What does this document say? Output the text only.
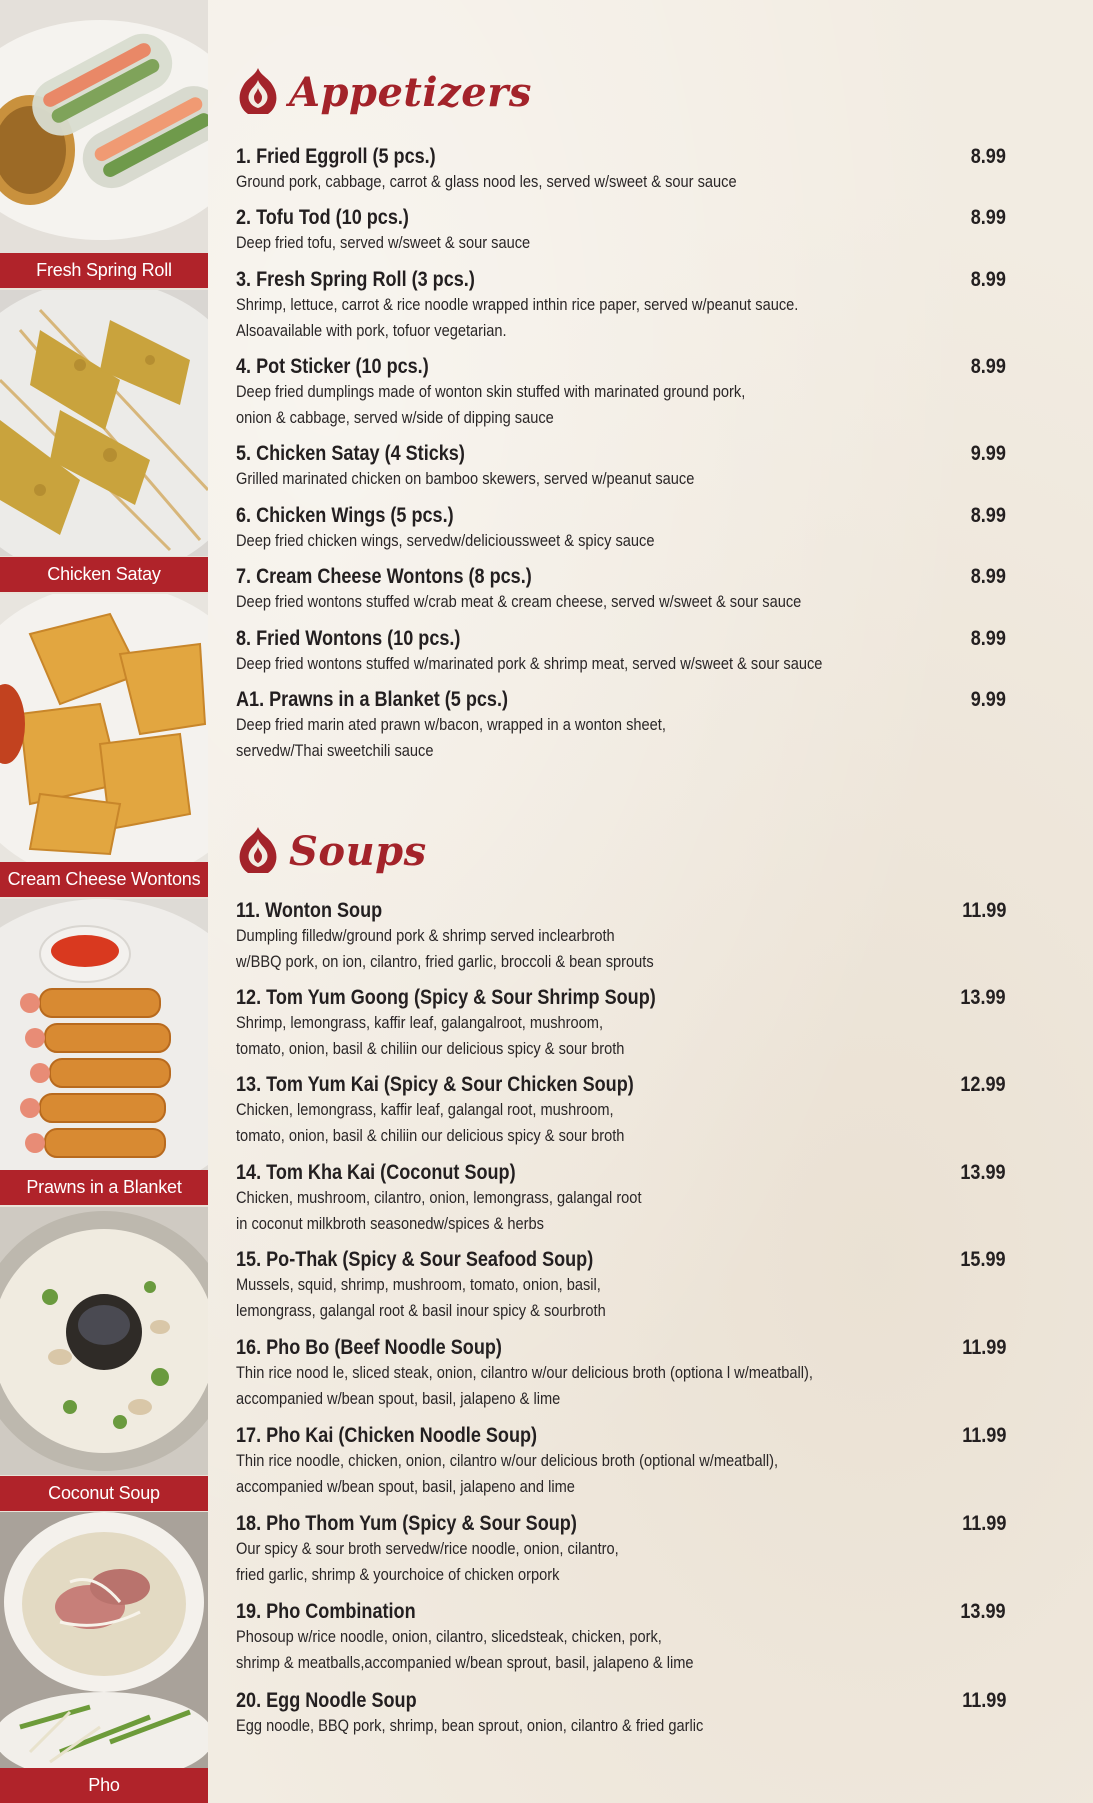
Fresh Spring Roll
Chicken Satay
Cream Cheese Wontons
Prawns in a Blanket
Coconut Soup
Pho
Appetizers
1. Fried Eggroll (5 pcs.)
Ground pork, cabbage, carrot & glass nood les, served w/sweet & sour sauce
8.99
2. Tofu Tod (10 pcs.)
Deep fried tofu, served w/sweet & sour sauce
8.99
3. Fresh Spring Roll (3 pcs.)
Shrimp, lettuce, carrot & rice noodle wrapped inthin rice paper, served w/peanut sauce.
Alsoavailable with pork, tofuor vegetarian.
8.99
4. Pot Sticker (10 pcs.)
Deep fried dumplings made of wonton skin stuffed with marinated ground pork,
onion & cabbage, served w/side of dipping sauce
8.99
5. Chicken Satay (4 Sticks)
Grilled marinated chicken on bamboo skewers, served w/peanut sauce
9.99
6. Chicken Wings (5 pcs.)
Deep fried chicken wings, servedw/delicioussweet & spicy sauce
8.99
7. Cream Cheese Wontons (8 pcs.)
Deep fried wontons stuffed w/crab meat & cream cheese, served w/sweet & sour sauce
8.99
8. Fried Wontons (10 pcs.)
Deep fried wontons stuffed w/marinated pork & shrimp meat, served w/sweet & sour sauce
8.99
A1. Prawns in a Blanket (5 pcs.)
Deep fried marin ated prawn w/bacon, wrapped in a wonton sheet,
servedw/Thai sweetchili sauce
9.99
Soups
11. Wonton Soup
Dumpling filledw/ground pork & shrimp served inclearbroth
w/BBQ pork, on ion, cilantro, fried garlic, broccoli & bean sprouts
11.99
12. Tom Yum Goong (Spicy & Sour Shrimp Soup)
Shrimp, lemongrass, kaffir leaf, galangalroot, mushroom,
tomato, onion, basil & chiliin our delicious spicy & sour broth
13.99
13. Tom Yum Kai (Spicy & Sour Chicken Soup)
Chicken, lemongrass, kaffir leaf, galangal root, mushroom,
tomato, onion, basil & chiliin our delicious spicy & sour broth
12.99
14. Tom Kha Kai (Coconut Soup)
Chicken, mushroom, cilantro, onion, lemongrass, galangal root
in coconut milkbroth seasonedw/spices & herbs
13.99
15. Po-Thak (Spicy & Sour Seafood Soup)
Mussels, squid, shrimp, mushroom, tomato, onion, basil,
lemongrass, galangal root & basil inour spicy & sourbroth
15.99
16. Pho Bo (Beef Noodle Soup)
Thin rice nood le, sliced steak, onion, cilantro w/our delicious broth (optiona l w/meatball),
accompanied w/bean spout, basil, jalapeno & lime
11.99
17. Pho Kai (Chicken Noodle Soup)
Thin rice noodle, chicken, onion, cilantro w/our delicious broth (optional w/meatball),
accompanied w/bean spout, basil, jalapeno and lime
11.99
18. Pho Thom Yum (Spicy & Sour Soup)
Our spicy & sour broth servedw/rice noodle, onion, cilantro,
fried garlic, shrimp & yourchoice of chicken orpork
11.99
19. Pho Combination
Phosoup w/rice noodle, onion, cilantro, slicedsteak, chicken, pork,
shrimp & meatballs,accompanied w/bean sprout, basil, jalapeno & lime
13.99
20. Egg Noodle Soup
Egg noodle, BBQ pork, shrimp, bean sprout, onion, cilantro & fried garlic
11.99
